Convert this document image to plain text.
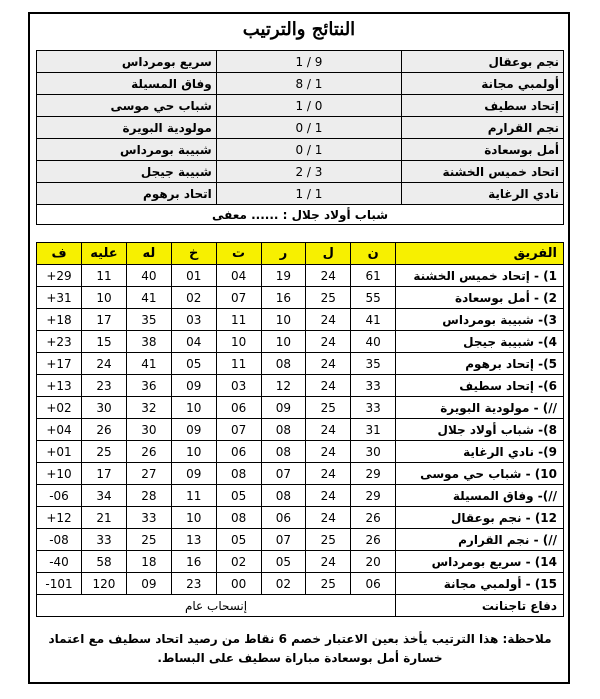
النتائج والترتيب
نجم بوعقال	1 / 9	سريع بومرداس
أولمبي مجانة	8 / 1	وفاق المسيلة
إتحاد سطيف	1 / 0	شباب حي موسى
نجم القرارم	0 / 1	مولودية البويرة
أمل بوسعادة	0 / 1	شبيبة بومرداس
اتحاد خميس الخشنة	2 / 3	شبيبة جيجل
نادي الرغاية	1 / 1	اتحاد برهوم
شباب أولاد جلال : ...... معفى		
الفريق	ن	ل	ر	ت	خ	له	عليه	ف
1) - إتحاد خميس الخشنة	61	24	19	04	01	40	11	+29
2) - أمل بوسعادة	55	25	16	07	02	41	10	+31
3)- شبيبة بومرداس	41	24	10	11	03	35	17	+18
4)- شبيبة جيجل	40	24	10	10	04	38	15	+23
5)- إتحاد برهوم	35	24	08	11	05	41	24	+17
6)- إتحاد سطيف	33	24	12	03	09	36	23	+13
//) - مولودية البويرة	33	25	09	06	10	32	30	+02
8)- شباب أولاد جلال	31	24	08	07	09	30	26	+04
9)- نادي الرغاية	30	24	08	06	10	26	25	+01
10) - شباب حي موسى	29	24	07	08	09	27	17	+10
//)- وفاق المسيلة	29	24	08	05	11	28	34	-06
12) - نجم بوعقال	26	24	06	08	10	33	21	+12
//) - نجم القرارم	26	25	07	05	13	25	33	-08
14) - سريع بومرداس	20	24	05	02	16	18	58	-40
15) - أولمبي مجانة	06	25	02	00	23	09	120	-101
دفاع تاجنانت	إنسحاب عام							
ملاحظة: هذا الترتيب يأخذ بعين الاعتبار خصم 6 نقاط من رصيد اتحاد سطيف مع اعتماد
خسارة أمل بوسعادة مباراة سطيف على البساط.
